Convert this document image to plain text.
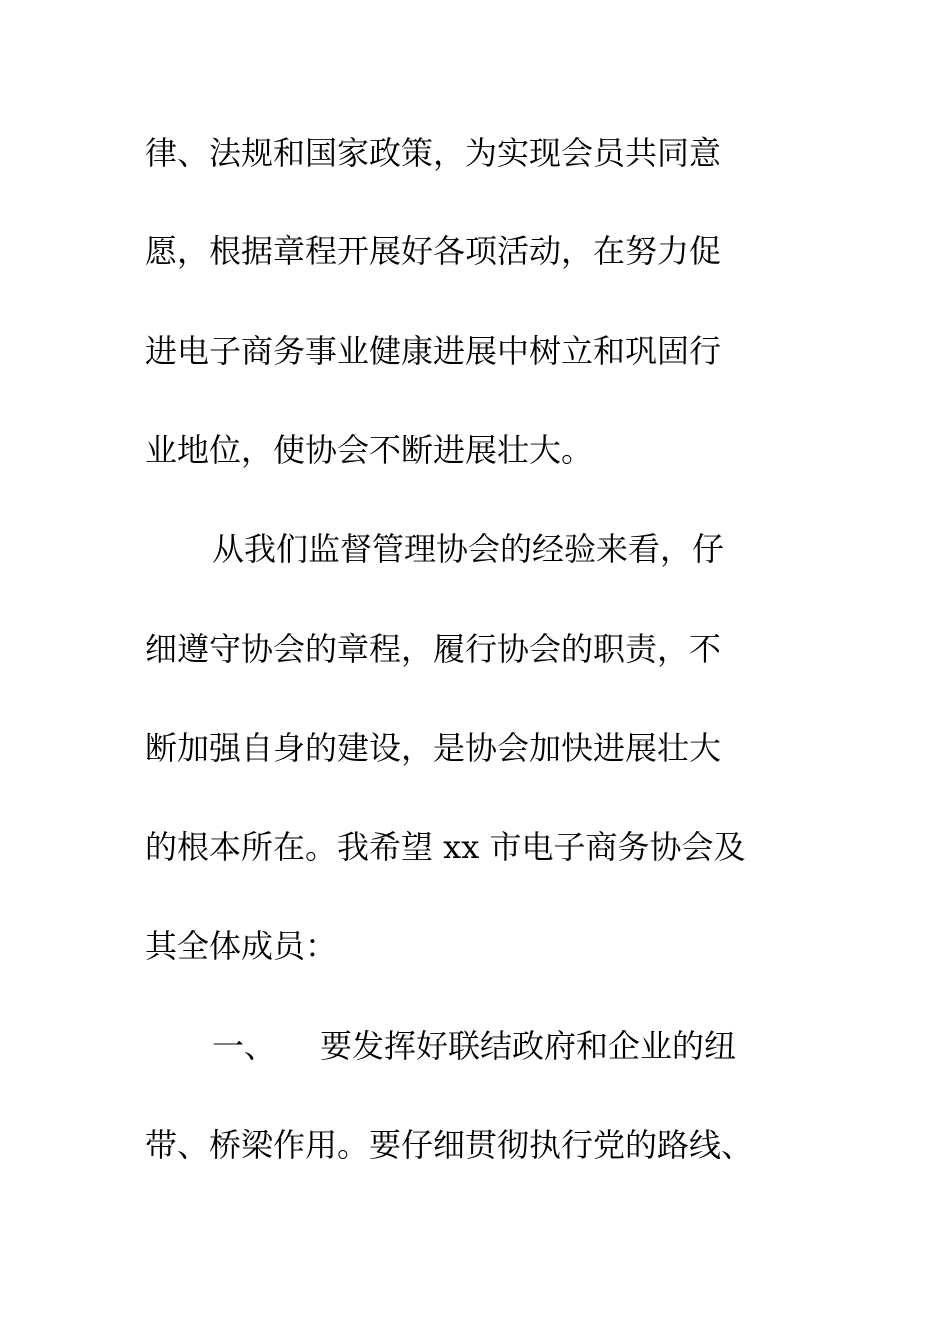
律、法规和国家政策，为实现会员共同意
愿，根据章程开展好各项活动，在努力促
进电子商务事业健康进展中树立和巩固行
业地位，使协会不断进展壮大。
从我们监督管理协会的经验来看，仔
细遵守协会的章程，履行协会的职责，不
断加强自身的建设，是协会加快进展壮大
的根本所在。我希望 xx 市电子商务协会及
其全体成员：
一、 要发挥好联结政府和企业的纽
带、桥梁作用。要仔细贯彻执行党的路线、
